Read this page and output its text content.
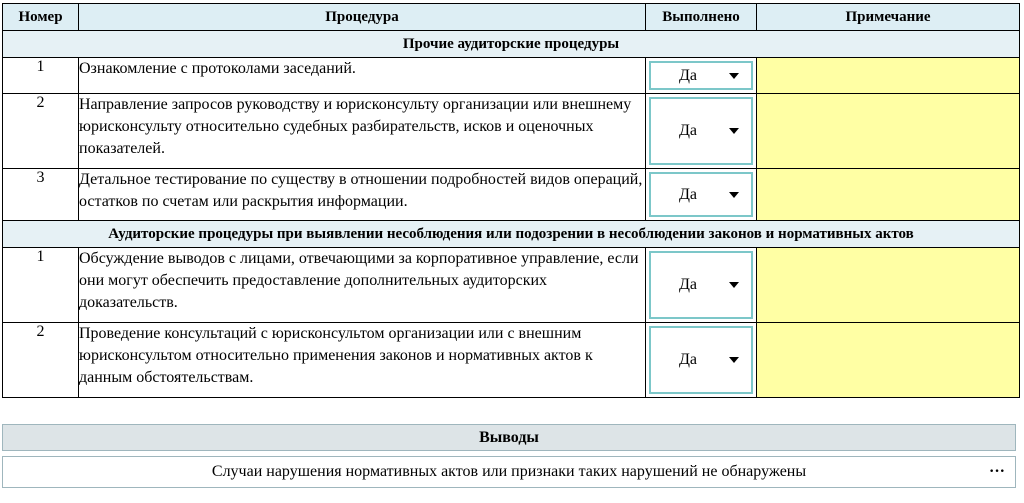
Номер	Процедура	Выполнено	Примечание
Прочие аудиторские процедуры			
1	Ознакомление с протоколами заседаний.	Да	

2	Направление запросов руководству и юрисконсульту организации или внешнему юрисконсульту относительно судебных разбирательств, исков и оценочных показателей.	Да	

3	Детальное тестирование по существу в отношении подробностей видов операций, остатков по счетам или раскрытия информации.	Да	

Аудиторские процедуры при выявлении несоблюдения или подозрении в несоблюдении законов и нормативных актов			
1	Обсуждение выводов с лицами, отвечающими за корпоративное управление, если они могут обеспечить предоставление дополнительных аудиторских доказательств.	Да	

2	Проведение консультаций с юрисконсультом организации или с внешним юрисконсультом относительно применения законов и нормативных актов к данным обстоятельствам.	Да	

Выводы
Случаи нарушения нормативных актов или признаки таких нарушений не обнаружены	···
